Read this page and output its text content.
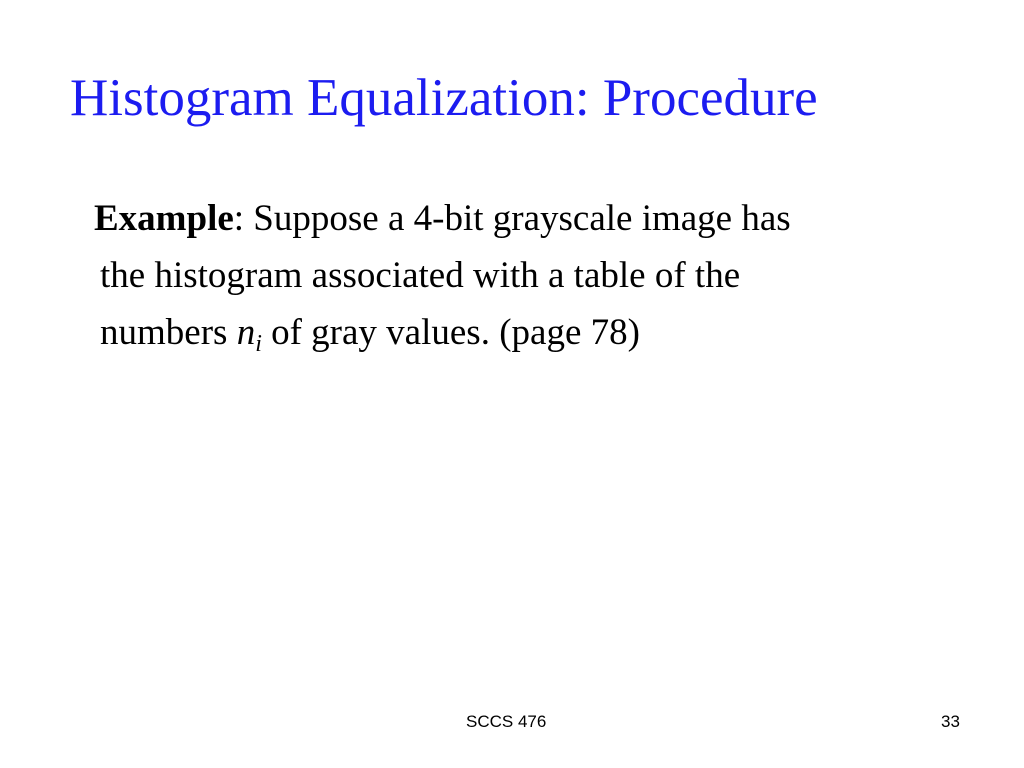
Histogram Equalization: Procedure
Example: Suppose a 4-bit grayscale image has
the histogram associated with a table of the
numbers $n_i$ of gray values. (page 78)
SCCS 476	33
